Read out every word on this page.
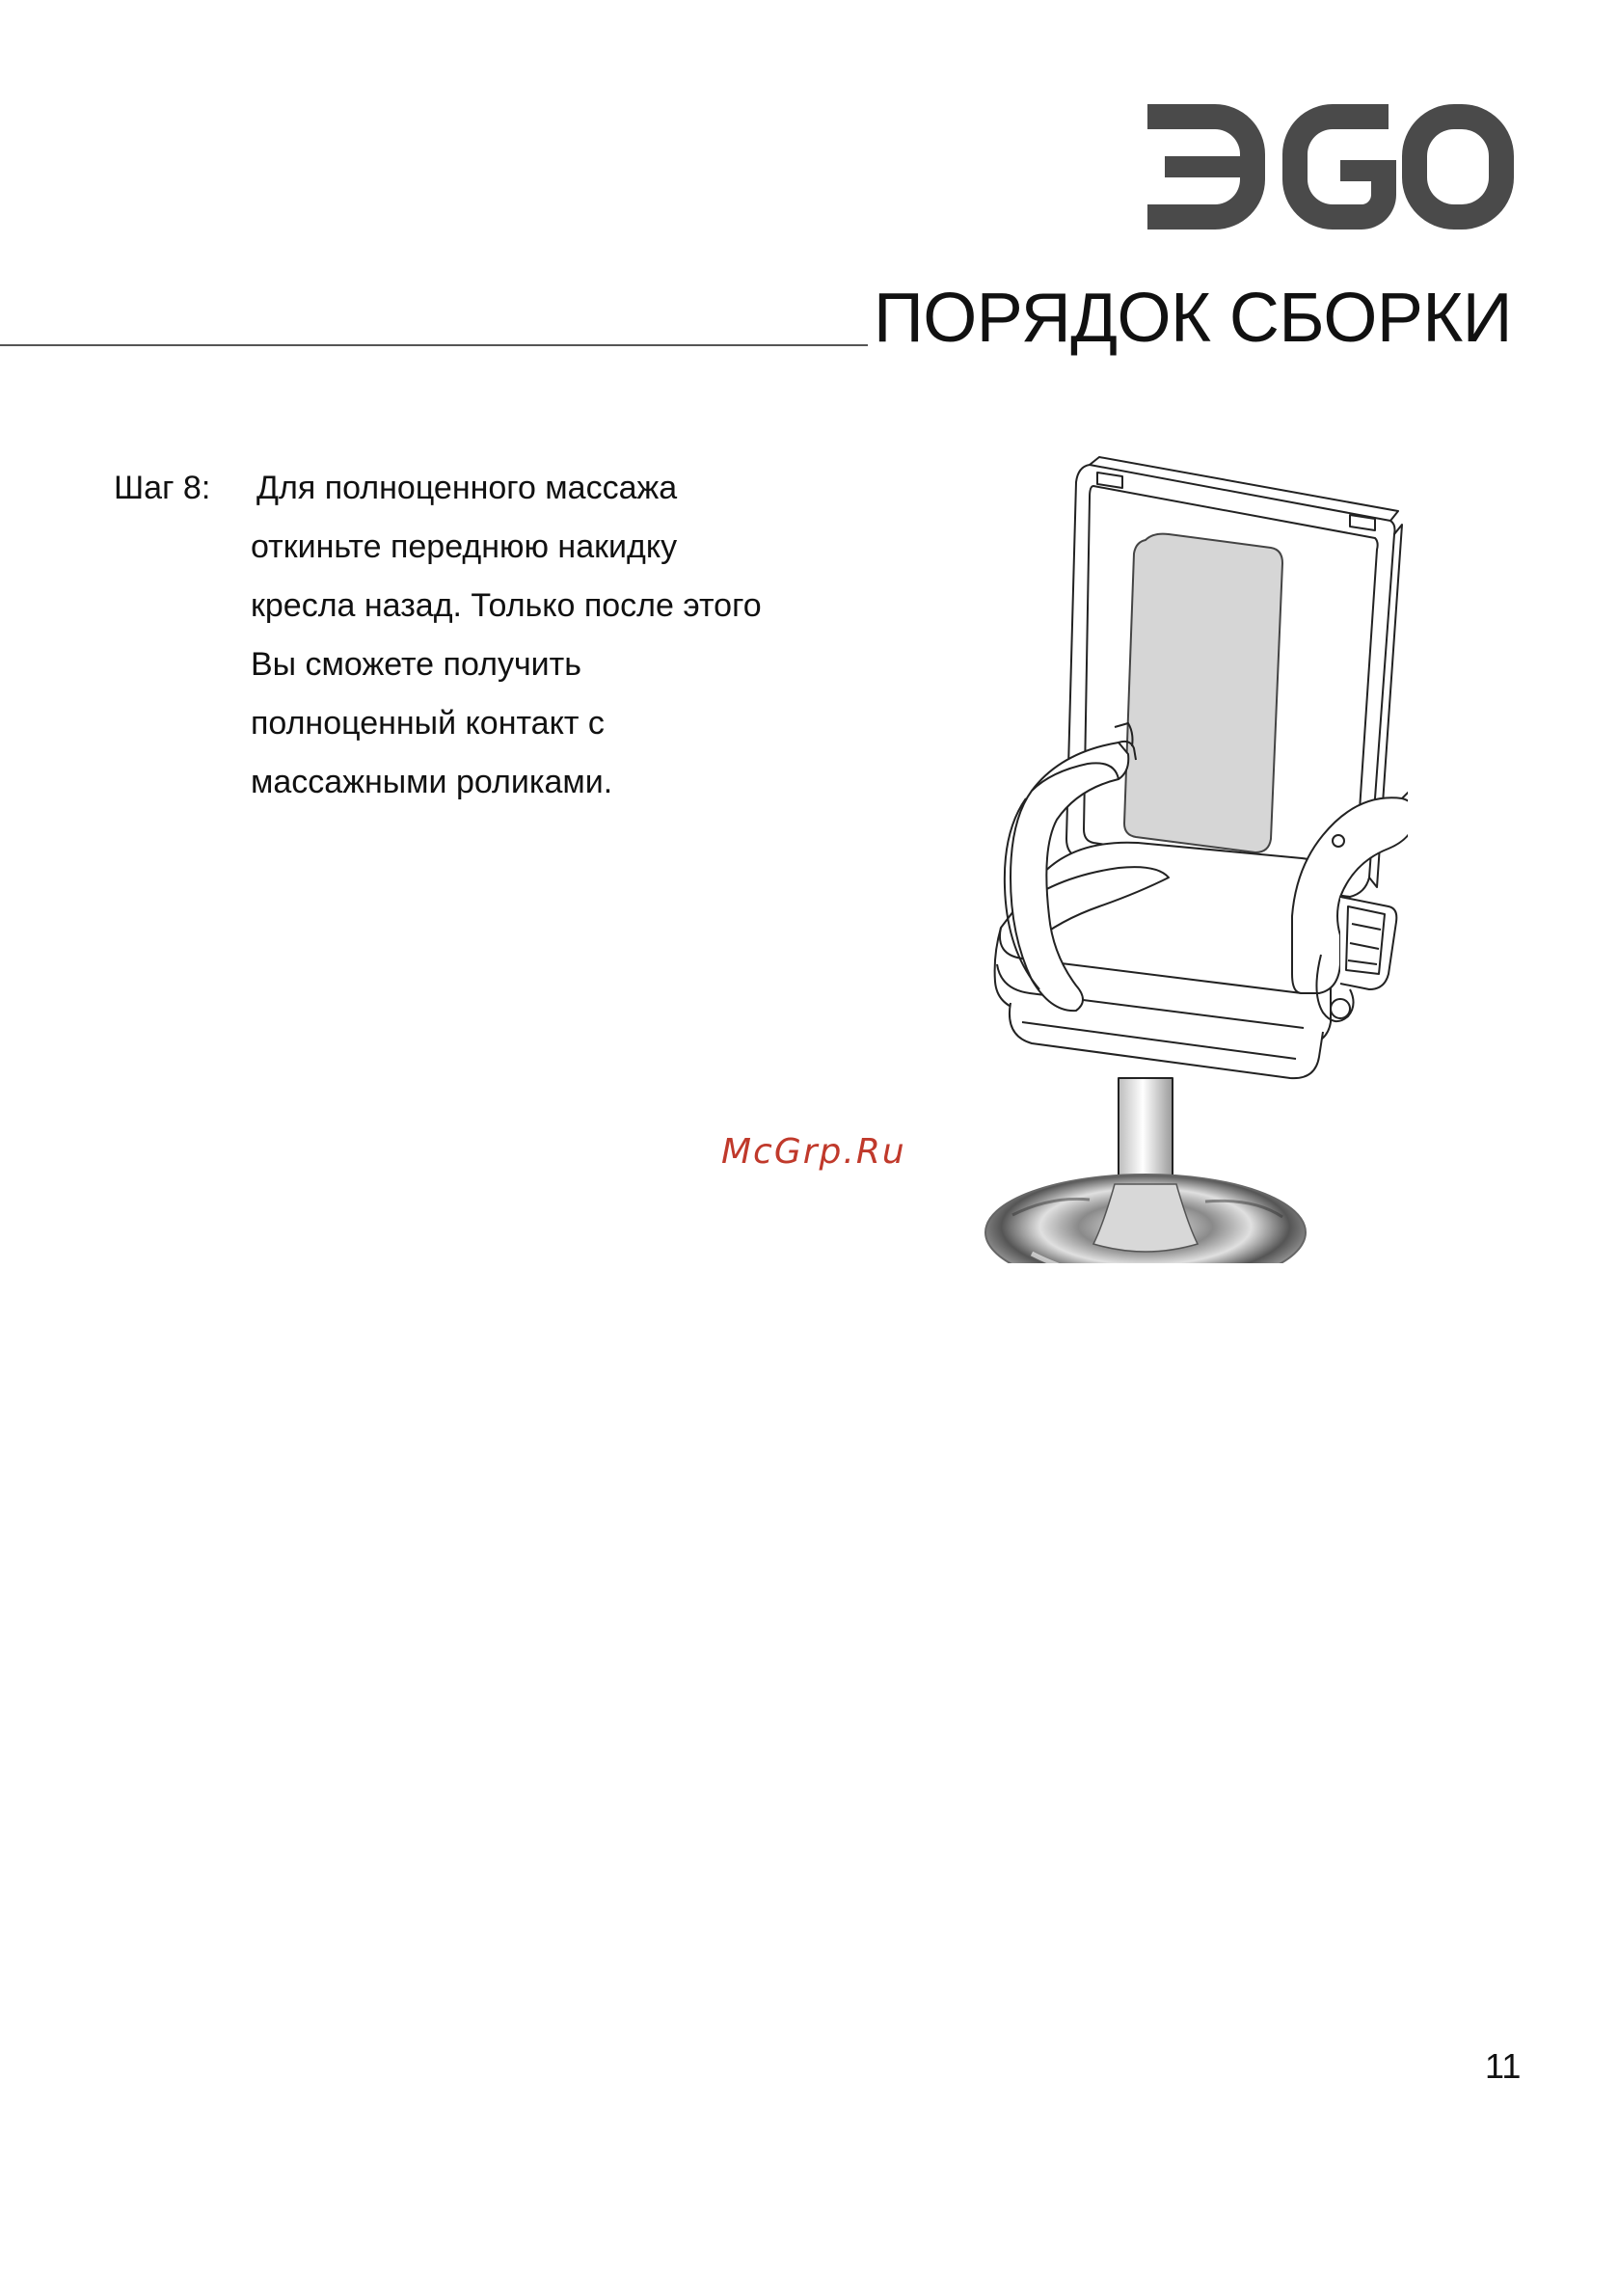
ПОРЯДОК СБОРКИ
Шаг 8: Для полноценного массажа
откиньте переднюю накидку
кресла назад. Только после этого
Вы сможете получить
полноценный контакт с
массажными роликами.
McGrp.Ru
11
